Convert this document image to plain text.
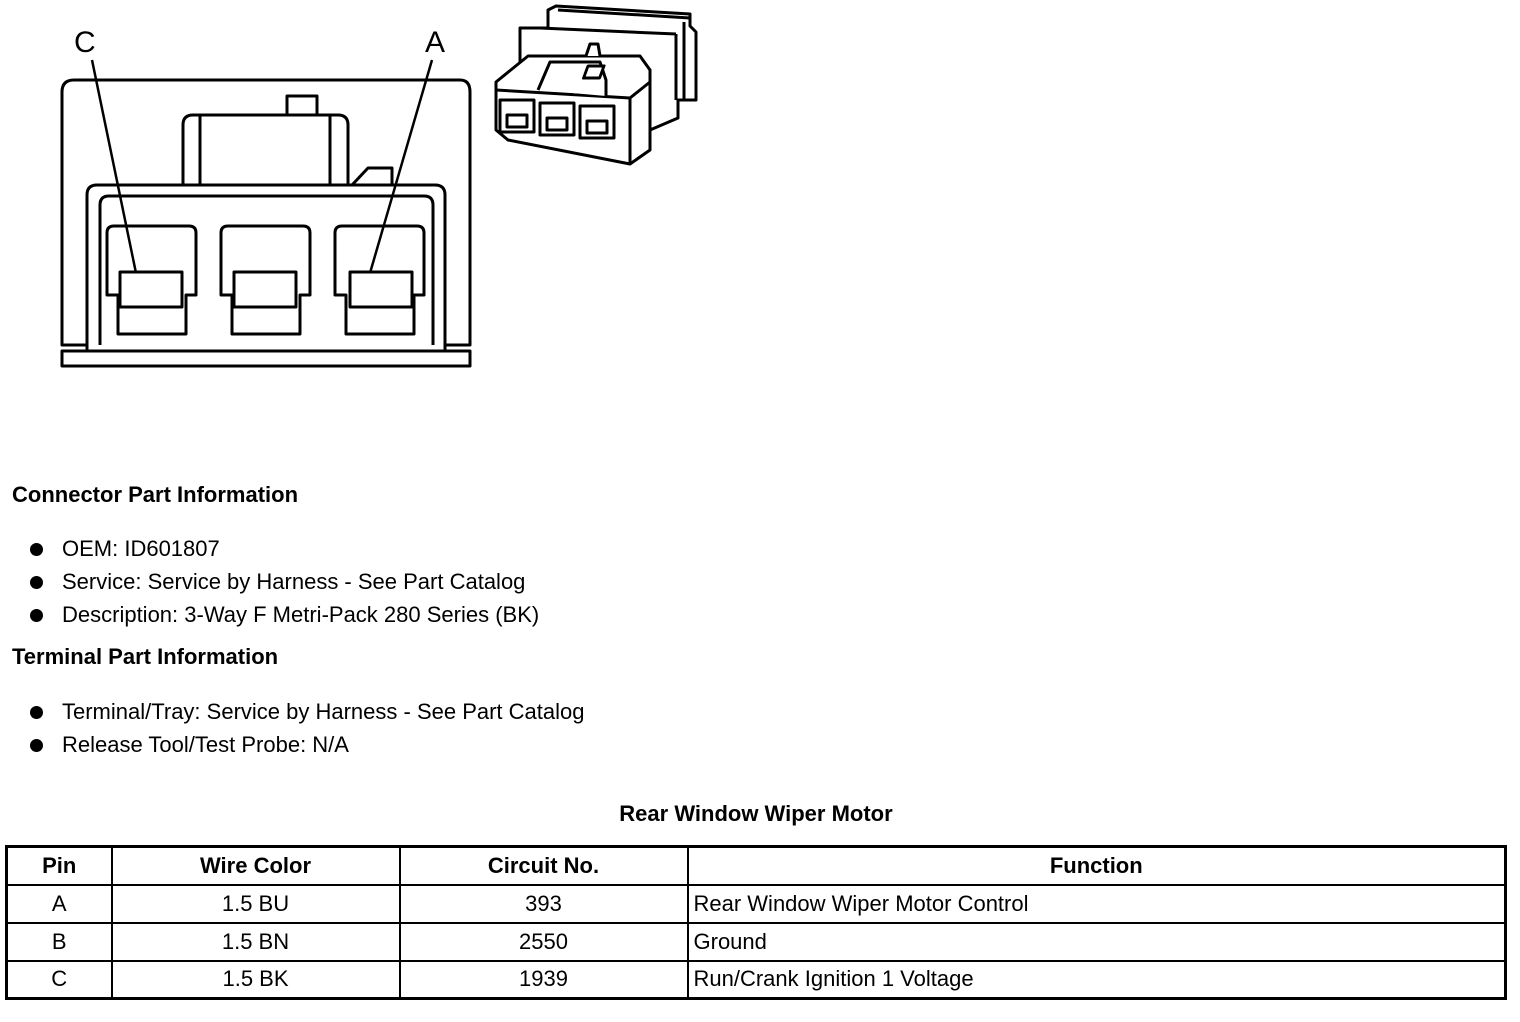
C	A
Connector Part Information
OEM: ID601807
Service: Service by Harness - See Part Catalog
Description: 3-Way F Metri-Pack 280 Series (BK)
Terminal Part Information
Terminal/Tray: Service by Harness - See Part Catalog
Release Tool/Test Probe: N/A
Rear Window Wiper Motor
Pin	Wire Color	Circuit No.	Function
A	1.5 BU	393	Rear Window Wiper Motor Control
B	1.5 BN	2550	Ground
C	1.5 BK	1939	Run/Crank Ignition 1 Voltage
